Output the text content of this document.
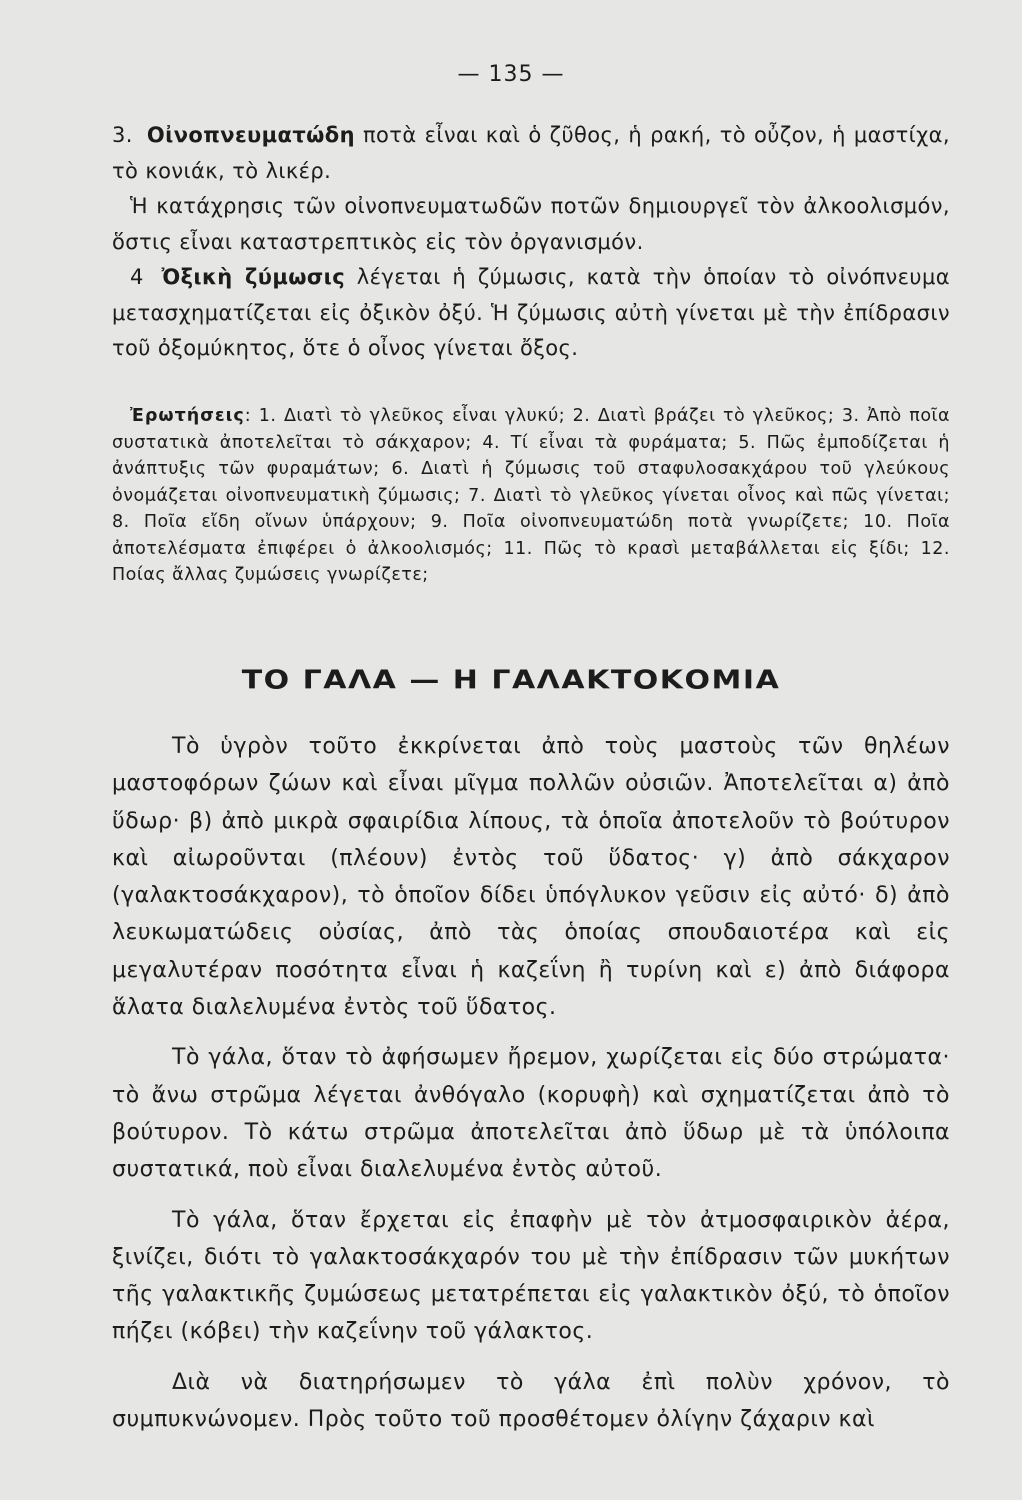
— 135 —

3. Οἰνοπνευματώδη ποτὰ εἶναι καὶ ὁ ζῦθος, ἡ ρακή, τὸ οὖζον, ἡ μαστίχα, τὸ κονιάκ, τὸ λικέρ.

Ἡ κατάχρησις τῶν οἰνοπνευματωδῶν ποτῶν δημιουργεῖ τὸν ἀλκοολισμόν, ὅστις εἶναι καταστρεπτικὸς εἰς τὸν ὀργανισμόν.

4 Ὀξικὴ ζύμωσις λέγεται ἡ ζύμωσις, κατὰ τὴν ὁποίαν τὸ οἰνόπνευμα μετασχηματίζεται εἰς ὀξικὸν ὀξύ. Ἡ ζύμωσις αὐτὴ γίνεται μὲ τὴν ἐπίδρασιν τοῦ ὀξομύκητος, ὅτε ὁ οἶνος γίνεται ὄξος.

Ἐρωτήσεις: 1. Διατὶ τὸ γλεῦκος εἶναι γλυκύ; 2. Διατὶ βράζει τὸ γλεῦκος; 3. Ἀπὸ ποῖα συστατικὰ ἀποτελεῖται τὸ σάκχαρον; 4. Τί εἶναι τὰ φυράματα; 5. Πῶς ἐμποδίζεται ἡ ἀνάπτυξις τῶν φυραμάτων; 6. Διατὶ ἡ ζύμωσις τοῦ σταφυλοσακχάρου τοῦ γλεύκους ὀνομάζεται οἰνοπνευματικὴ ζύμωσις; 7. Διατὶ τὸ γλεῦκος γίνεται οἶνος καὶ πῶς γίνεται; 8. Ποῖα εἴδη οἴνων ὑπάρχουν; 9. Ποῖα οἰνοπνευματώδη ποτὰ γνωρίζετε; 10. Ποῖα ἀποτελέσματα ἐπιφέρει ὁ ἀλκοολισμός; 11. Πῶς τὸ κρασὶ μεταβάλλεται εἰς ξίδι; 12. Ποίας ἄλλας ζυμώσεις γνωρίζετε;

ΤΟ ΓΑΛΑ — Η ΓΑΛΑΚΤΟΚΟΜΙΑ

Τὸ ὑγρὸν τοῦτο ἐκκρίνεται ἀπὸ τοὺς μαστοὺς τῶν θηλέων μαστοφόρων ζώων καὶ εἶναι μῖγμα πολλῶν οὐσιῶν. Ἀποτελεῖται α) ἀπὸ ὕδωρ· β) ἀπὸ μικρὰ σφαιρίδια λίπους, τὰ ὁποῖα ἀποτελοῦν τὸ βούτυρον καὶ αἰωροῦνται (πλέουν) ἐντὸς τοῦ ὕδατος· γ) ἀπὸ σάκχαρον (γαλακτοσάκχαρον), τὸ ὁποῖον δίδει ὑπόγλυκον γεῦσιν εἰς αὐτό· δ) ἀπὸ λευκωματώδεις οὐσίας, ἀπὸ τὰς ὁποίας σπουδαιοτέρα καὶ εἰς μεγαλυτέραν ποσότητα εἶναι ἡ καζεΐνη ἢ τυρίνη καὶ ε) ἀπὸ διάφορα ἅλατα διαλελυμένα ἐντὸς τοῦ ὕδατος.

Τὸ γάλα, ὅταν τὸ ἀφήσωμεν ἤρεμον, χωρίζεται εἰς δύο στρώματα· τὸ ἄνω στρῶμα λέγεται ἀνθόγαλο (κορυφὴ) καὶ σχηματίζεται ἀπὸ τὸ βούτυρον. Τὸ κάτω στρῶμα ἀποτελεῖται ἀπὸ ὕδωρ μὲ τὰ ὑπόλοιπα συστατικά, ποὺ εἶναι διαλελυμένα ἐντὸς αὐτοῦ.

Τὸ γάλα, ὅταν ἔρχεται εἰς ἐπαφὴν μὲ τὸν ἀτμοσφαιρικὸν ἀέρα, ξινίζει, διότι τὸ γαλακτοσάκχαρόν του μὲ τὴν ἐπίδρασιν τῶν μυκήτων τῆς γαλακτικῆς ζυμώσεως μετατρέπεται εἰς γαλακτικὸν ὀξύ, τὸ ὁποῖον πήζει (κόβει) τὴν καζεΐνην τοῦ γάλακτος.

Διὰ νὰ διατηρήσωμεν τὸ γάλα ἐπὶ πολὺν χρόνον, τὸ συμπυκνώνομεν. Πρὸς τοῦτο τοῦ προσθέτομεν ὀλίγην ζάχαριν καὶ
